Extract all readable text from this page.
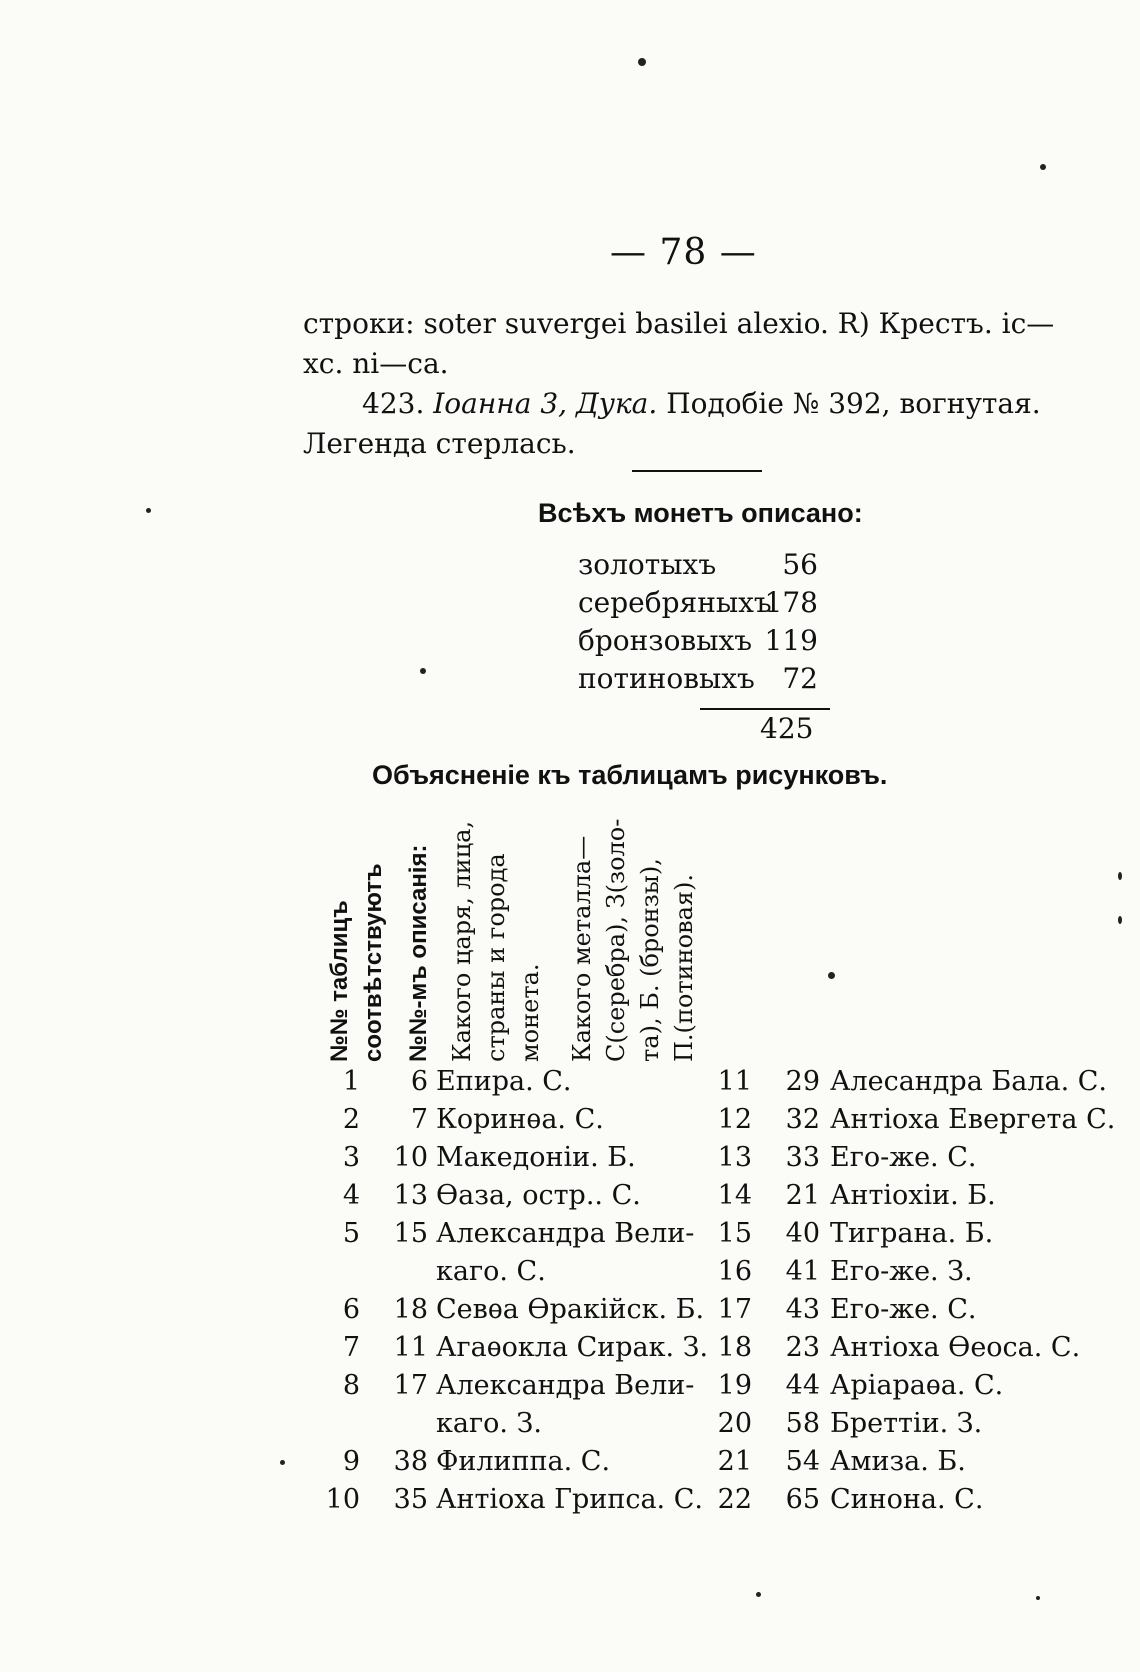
— 78 —
строки: soter suvergei basilei alexio. R) Крестъ. ic—
xc. ni—ca.
423. Іоанна 3, Дука. Подобіе № 392, вогнутая.
Легенда стерлась.
Всѣхъ монетъ описано:
золотыхъ 56
серебряныхъ
178
бронзовыхъ 119
потиновыхъ 72
425
Объясненіе къ таблицамъ рисунковъ.
№№ таблицъ соотвѣтствуютъ №№-мъ описанія: Какого царя, лица, страны и города монета. Какого металла— С(серебра), З(золо- та), Б. (бронзы), П.(потиновая).
1 6 Епира. С.
2 7 Коринѳа. С.
3 10 Македоніи. Б.
4 13 Ѳаза, остр.. С.
5 15 Александра Вели-
каго. С.
6 18 Севѳа Ѳракійск. Б.
7 11 Агаѳокла Сирак. З.
8 17 Александра Вели-
каго. З.
9 38 Филиппа. С.
10 35 Антіоха Грипса. С.
11 29 Алесандра Бала. С.
12 32 Антіоха Евергета С.
13 33 Его-же. С.
14 21 Антіохіи. Б.
15 40 Тиграна. Б.
16 41 Его-же. З.
17 43 Его-же. С.
18 23 Антіоха Ѳеоса. С.
19 44 Аріараѳа. С.
20 58 Бреттіи. З.
21 54 Амиза. Б.
22 65 Синона. С.
